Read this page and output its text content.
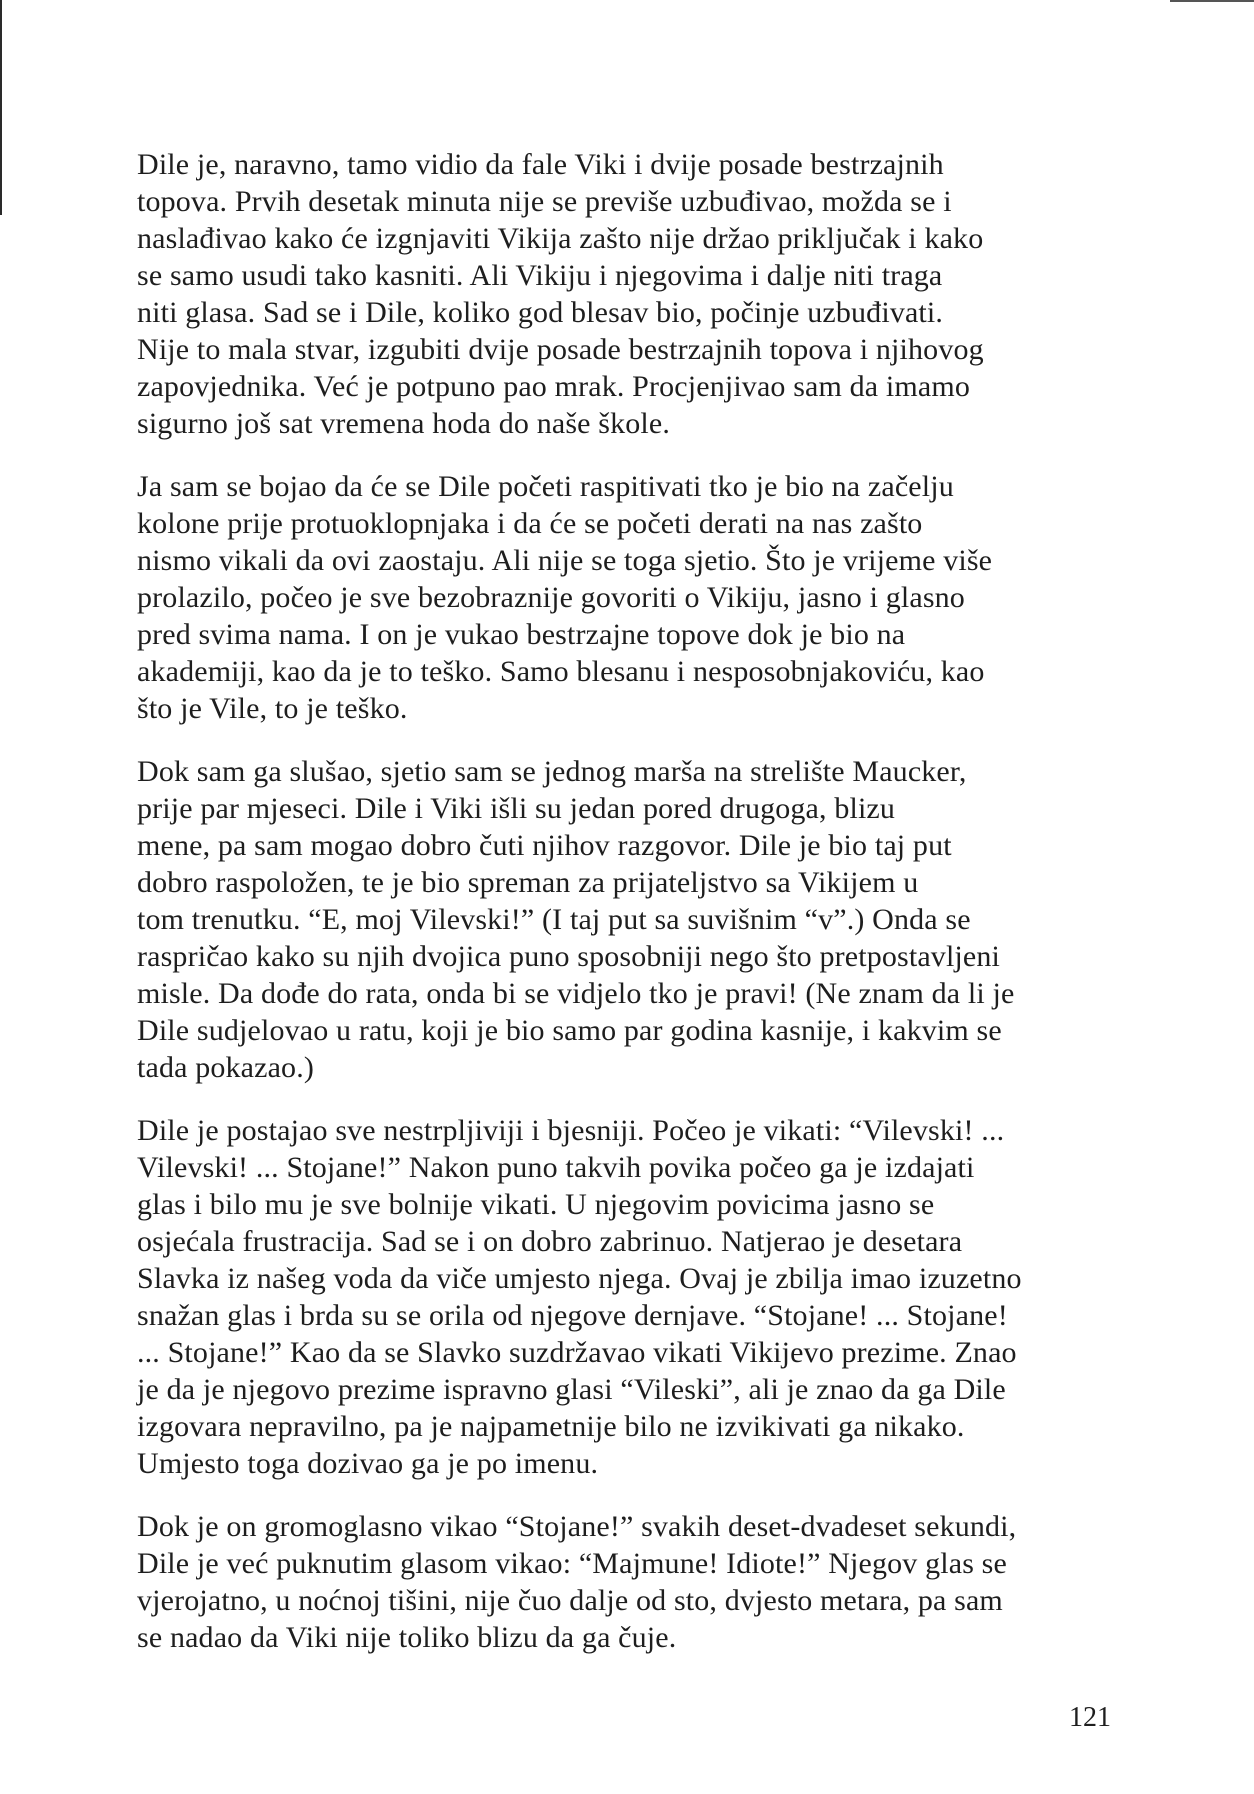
Dile je, naravno, tamo vidio da fale Viki i dvije posade bestrzajnih
topova. Prvih desetak minuta nije se previše uzbuđivao, možda se i
naslađivao kako će izgnjaviti Vikija zašto nije držao priključak i kako
se samo usudi tako kasniti. Ali Vikiju i njegovima i dalje niti traga
niti glasa. Sad se i Dile, koliko god blesav bio, počinje uzbuđivati.
Nije to mala stvar, izgubiti dvije posade bestrzajnih topova i njihovog
zapovjednika. Već je potpuno pao mrak. Procjenjivao sam da imamo
sigurno još sat vremena hoda do naše škole.

Ja sam se bojao da će se Dile početi raspitivati tko je bio na začelju
kolone prije protuoklopnjaka i da će se početi derati na nas zašto
nismo vikali da ovi zaostaju. Ali nije se toga sjetio. Što je vrijeme više
prolazilo, počeo je sve bezobraznije govoriti o Vikiju, jasno i glasno
pred svima nama. I on je vukao bestrzajne topove dok je bio na
akademiji, kao da je to teško. Samo blesanu i nesposobnjakoviću, kao
što je Vile, to je teško.

Dok sam ga slušao, sjetio sam se jednog marša na strelište Maucker,
prije par mjeseci. Dile i Viki išli su jedan pored drugoga, blizu
mene, pa sam mogao dobro čuti njihov razgovor. Dile je bio taj put
dobro raspoložen, te je bio spreman za prijateljstvo sa Vikijem u
tom trenutku. “E, moj Vilevski!” (I taj put sa suvišnim “v”.) Onda se
raspričao kako su njih dvojica puno sposobniji nego što pretpostavljeni
misle. Da dođe do rata, onda bi se vidjelo tko je pravi! (Ne znam da li je
Dile sudjelovao u ratu, koji je bio samo par godina kasnije, i kakvim se
tada pokazao.)

Dile je postajao sve nestrpljiviji i bjesniji. Počeo je vikati: “Vilevski! ...
Vilevski! ... Stojane!” Nakon puno takvih povika počeo ga je izdajati
glas i bilo mu je sve bolnije vikati. U njegovim povicima jasno se
osjećala frustracija. Sad se i on dobro zabrinuo. Natjerao je desetara
Slavka iz našeg voda da viče umjesto njega. Ovaj je zbilja imao izuzetno
snažan glas i brda su se orila od njegove dernjave. “Stojane! ... Stojane!
... Stojane!” Kao da se Slavko suzdržavao vikati Vikijevo prezime. Znao
je da je njegovo prezime ispravno glasi “Vileski”, ali je znao da ga Dile
izgovara nepravilno, pa je najpametnije bilo ne izvikivati ga nikako.
Umjesto toga dozivao ga je po imenu.

Dok je on gromoglasno vikao “Stojane!” svakih deset-dvadeset sekundi,
Dile je već puknutim glasom vikao: “Majmune! Idiote!” Njegov glas se
vjerojatno, u noćnoj tišini, nije čuo dalje od sto, dvjesto metara, pa sam
se nadao da Viki nije toliko blizu da ga čuje.

121
